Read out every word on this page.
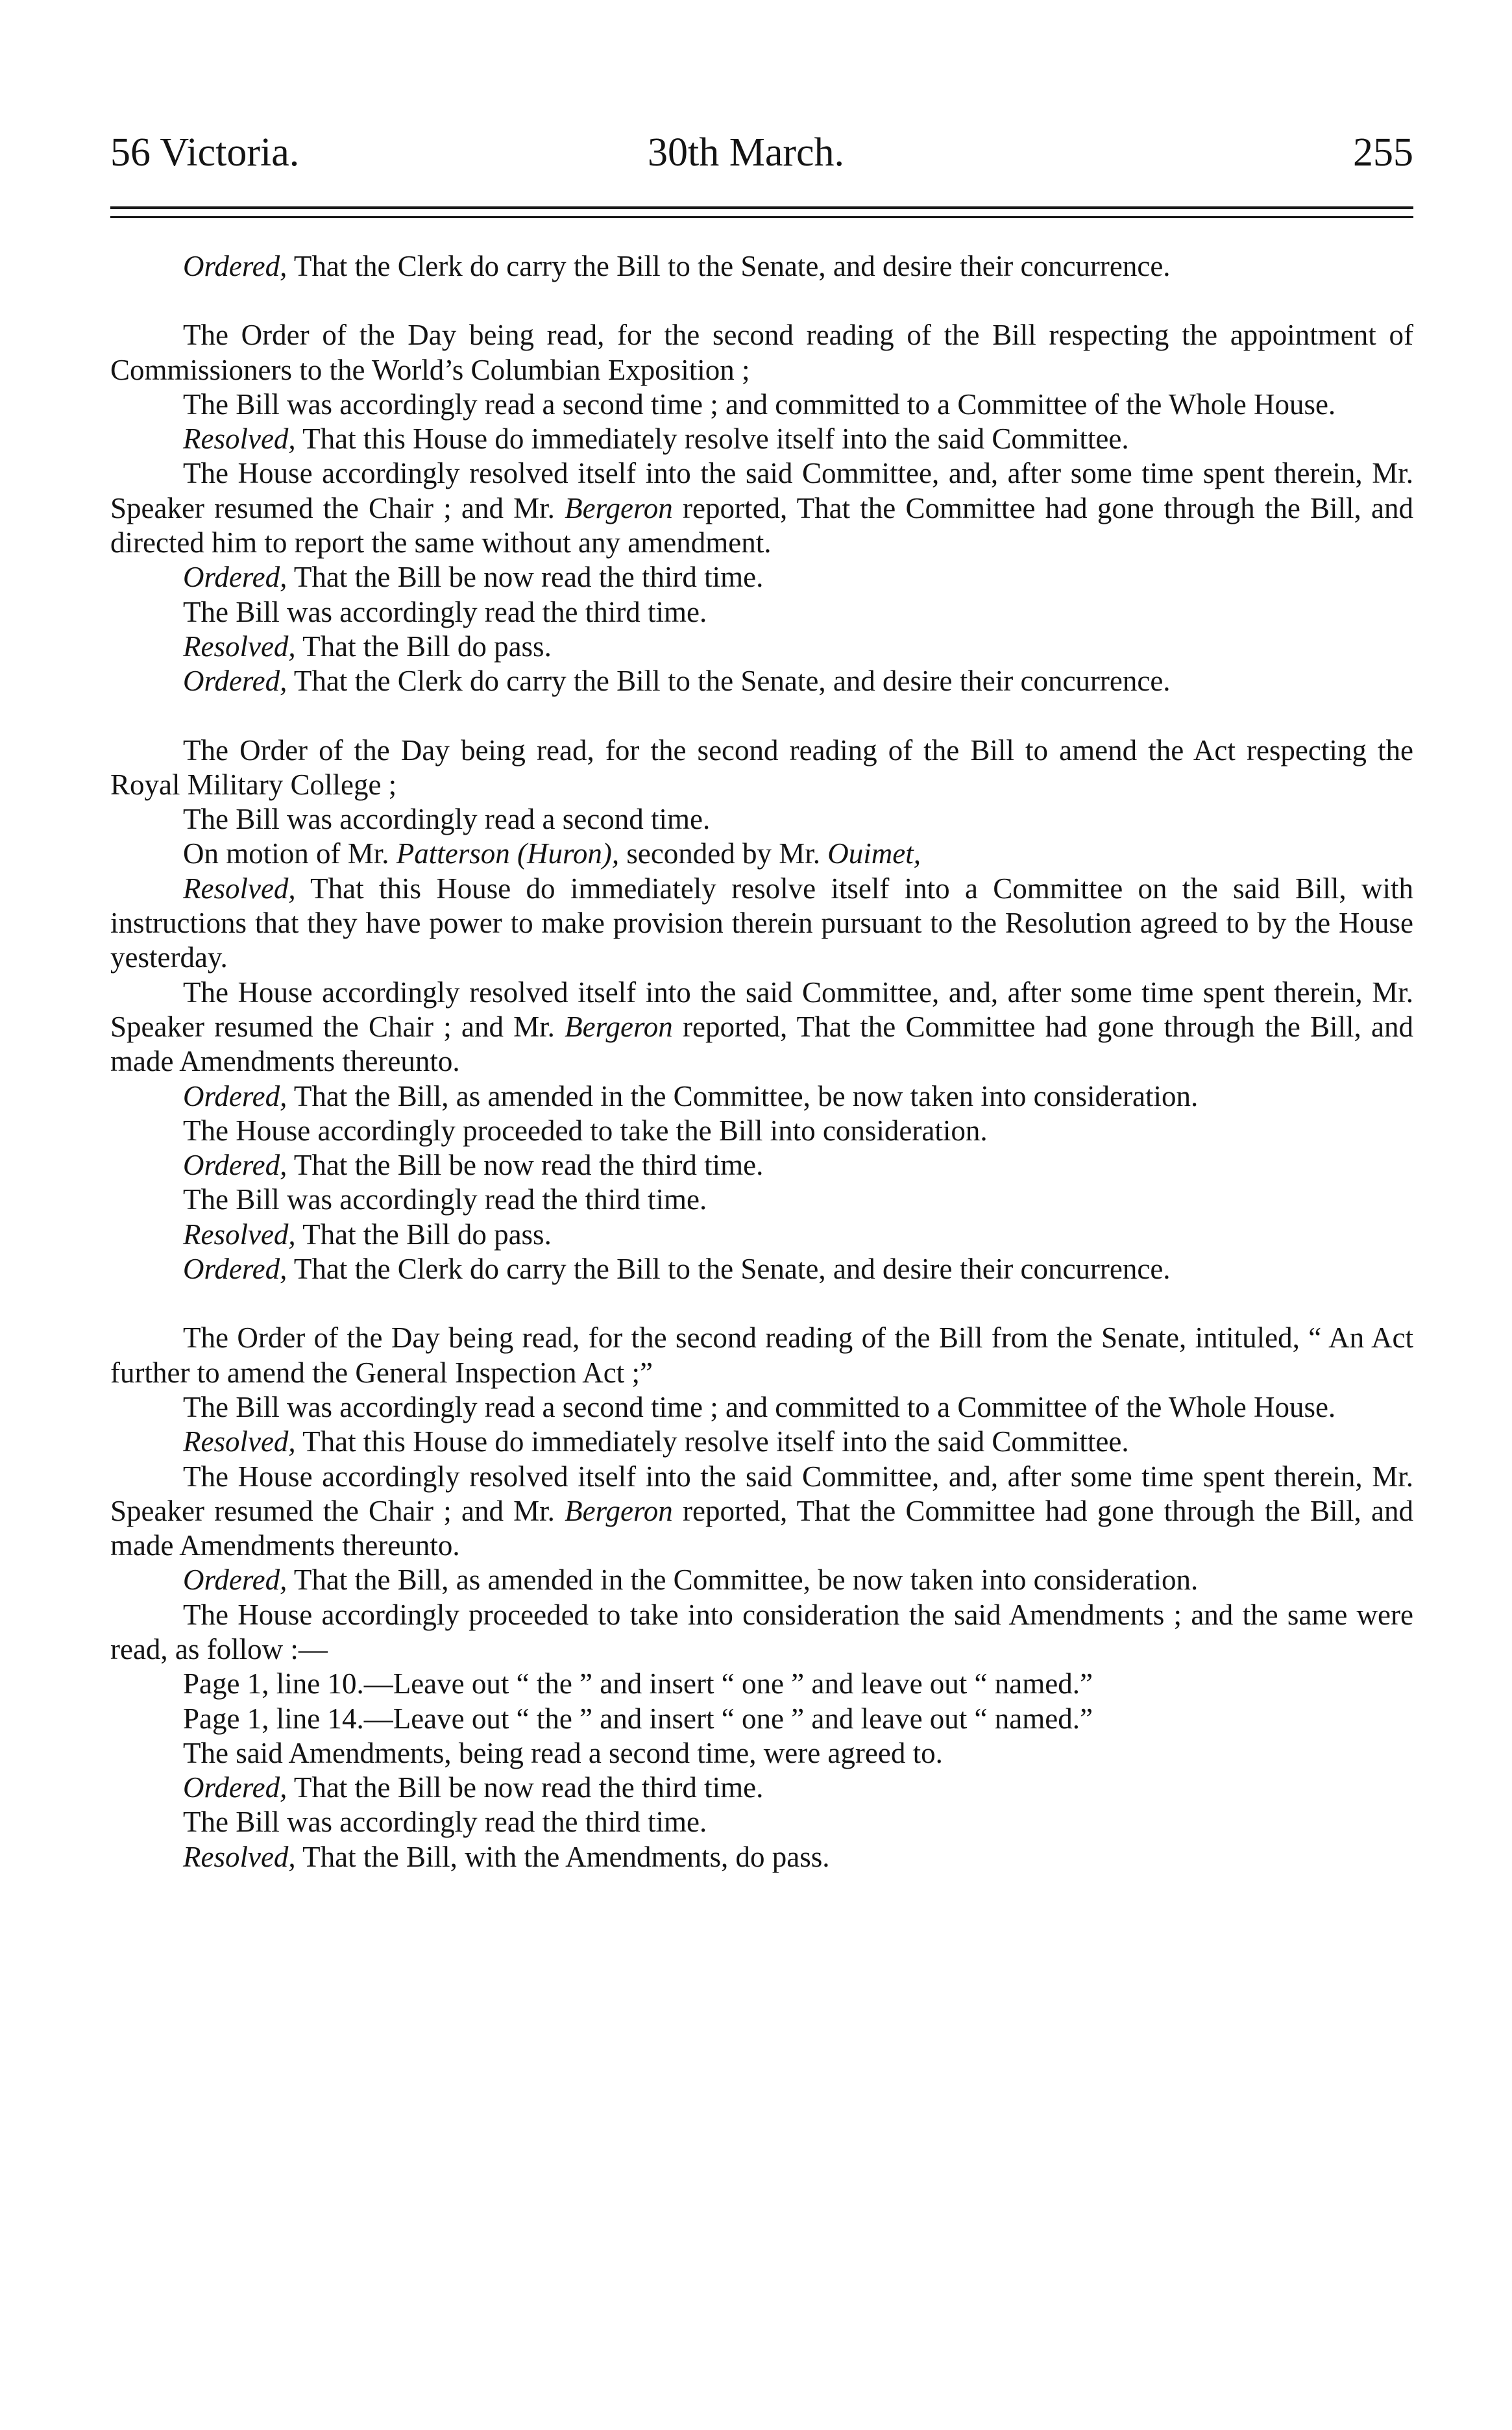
56 Victoria.	30th March.	255

Ordered, That the Clerk do carry the Bill to the Senate, and desire their concurrence.

The Order of the Day being read, for the second reading of the Bill respecting the appointment of Commissioners to the World’s Columbian Exposition ;

The Bill was accordingly read a second time ; and committed to a Committee of the Whole House.

Resolved, That this House do immediately resolve itself into the said Committee.

The House accordingly resolved itself into the said Committee, and, after some time spent therein, Mr. Speaker resumed the Chair ; and Mr. Bergeron reported, That the Committee had gone through the Bill, and directed him to report the same without any amendment.

Ordered, That the Bill be now read the third time.

The Bill was accordingly read the third time.

Resolved, That the Bill do pass.

Ordered, That the Clerk do carry the Bill to the Senate, and desire their concurrence.

The Order of the Day being read, for the second reading of the Bill to amend the Act respecting the Royal Military College ;

The Bill was accordingly read a second time.

On motion of Mr. Patterson (Huron), seconded by Mr. Ouimet,

Resolved, That this House do immediately resolve itself into a Committee on the said Bill, with instructions that they have power to make provision therein pursuant to the Resolution agreed to by the House yesterday.

The House accordingly resolved itself into the said Committee, and, after some time spent therein, Mr. Speaker resumed the Chair ; and Mr. Bergeron reported, That the Committee had gone through the Bill, and made Amendments thereunto.

Ordered, That the Bill, as amended in the Committee, be now taken into consideration.

The House accordingly proceeded to take the Bill into consideration.

Ordered, That the Bill be now read the third time.

The Bill was accordingly read the third time.

Resolved, That the Bill do pass.

Ordered, That the Clerk do carry the Bill to the Senate, and desire their concurrence.

The Order of the Day being read, for the second reading of the Bill from the Senate, intituled, “ An Act further to amend the General Inspection Act ;”

The Bill was accordingly read a second time ; and committed to a Committee of the Whole House.

Resolved, That this House do immediately resolve itself into the said Committee.

The House accordingly resolved itself into the said Committee, and, after some time spent therein, Mr. Speaker resumed the Chair ; and Mr. Bergeron reported, That the Committee had gone through the Bill, and made Amendments thereunto.

Ordered, That the Bill, as amended in the Committee, be now taken into consideration.

The House accordingly proceeded to take into consideration the said Amendments ; and the same were read, as follow :—

Page 1, line 10.—Leave out “ the ” and insert “ one ” and leave out “ named.”

Page 1, line 14.—Leave out “ the ” and insert “ one ” and leave out “ named.”

The said Amendments, being read a second time, were agreed to.

Ordered, That the Bill be now read the third time.

The Bill was accordingly read the third time.

Resolved, That the Bill, with the Amendments, do pass.
